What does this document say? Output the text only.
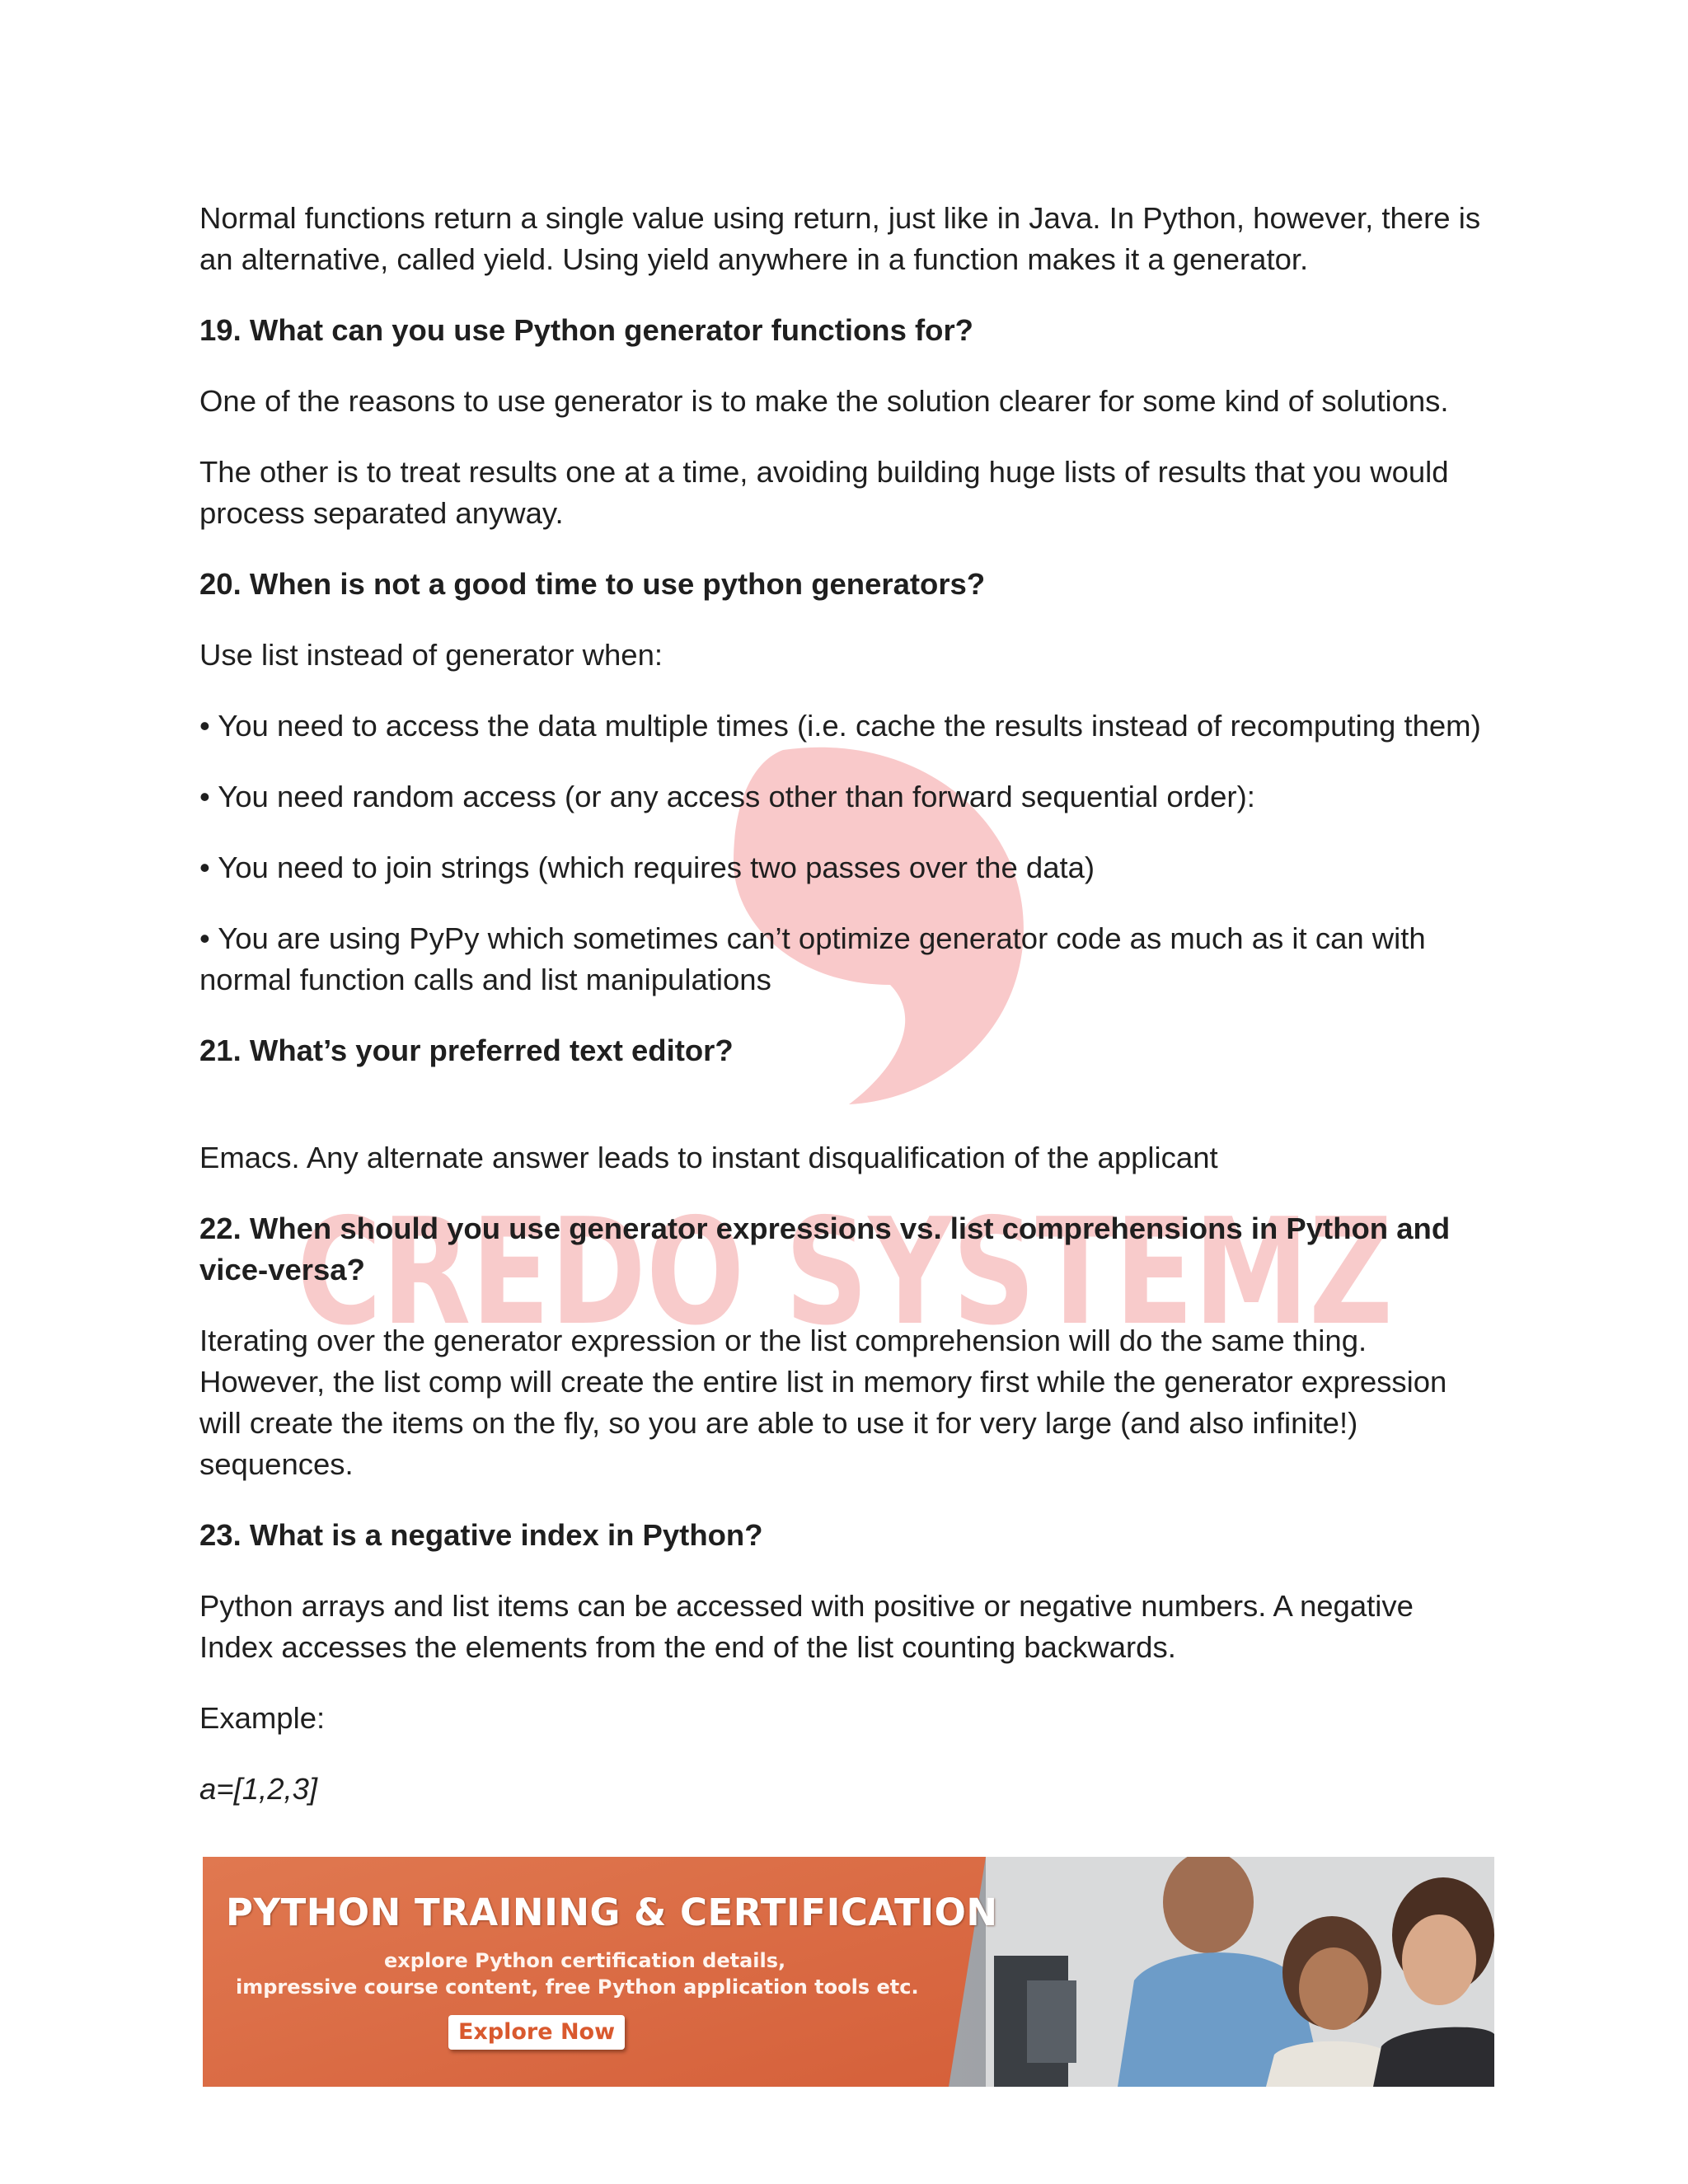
CREDO SYSTEMZ

Normal functions return a single value using return, just like in Java. In Python, however, there is an alternative, called yield. Using yield anywhere in a function makes it a generator.

19. What can you use Python generator functions for?

One of the reasons to use generator is to make the solution clearer for some kind of solutions.

The other is to treat results one at a time, avoiding building huge lists of results that you would process separated anyway.

20. When is not a good time to use python generators?

Use list instead of generator when:

• You need to access the data multiple times (i.e. cache the results instead of recomputing them)

• You need random access (or any access other than forward sequential order):

• You need to join strings (which requires two passes over the data)

• You are using PyPy which sometimes can’t optimize generator code as much as it can with normal function calls and list manipulations

21. What’s your preferred text editor?

Emacs. Any alternate answer leads to instant disqualification of the applicant

22. When should you use generator expressions vs. list comprehensions in Python and vice-versa?

Iterating over the generator expression or the list comprehension will do the same thing. However, the list comp will create the entire list in memory first while the generator expression will create the items on the fly, so you are able to use it for very large (and also infinite!) sequences.

23. What is a negative index in Python?

Python arrays and list items can be accessed with positive or negative numbers. A negative Index accesses the elements from the end of the list counting backwards.

Example:

a=[1,2,3]

PYTHON TRAINING & CERTIFICATION
explore Python certification details,
impressive course content, free Python application tools etc.
Explore Now
